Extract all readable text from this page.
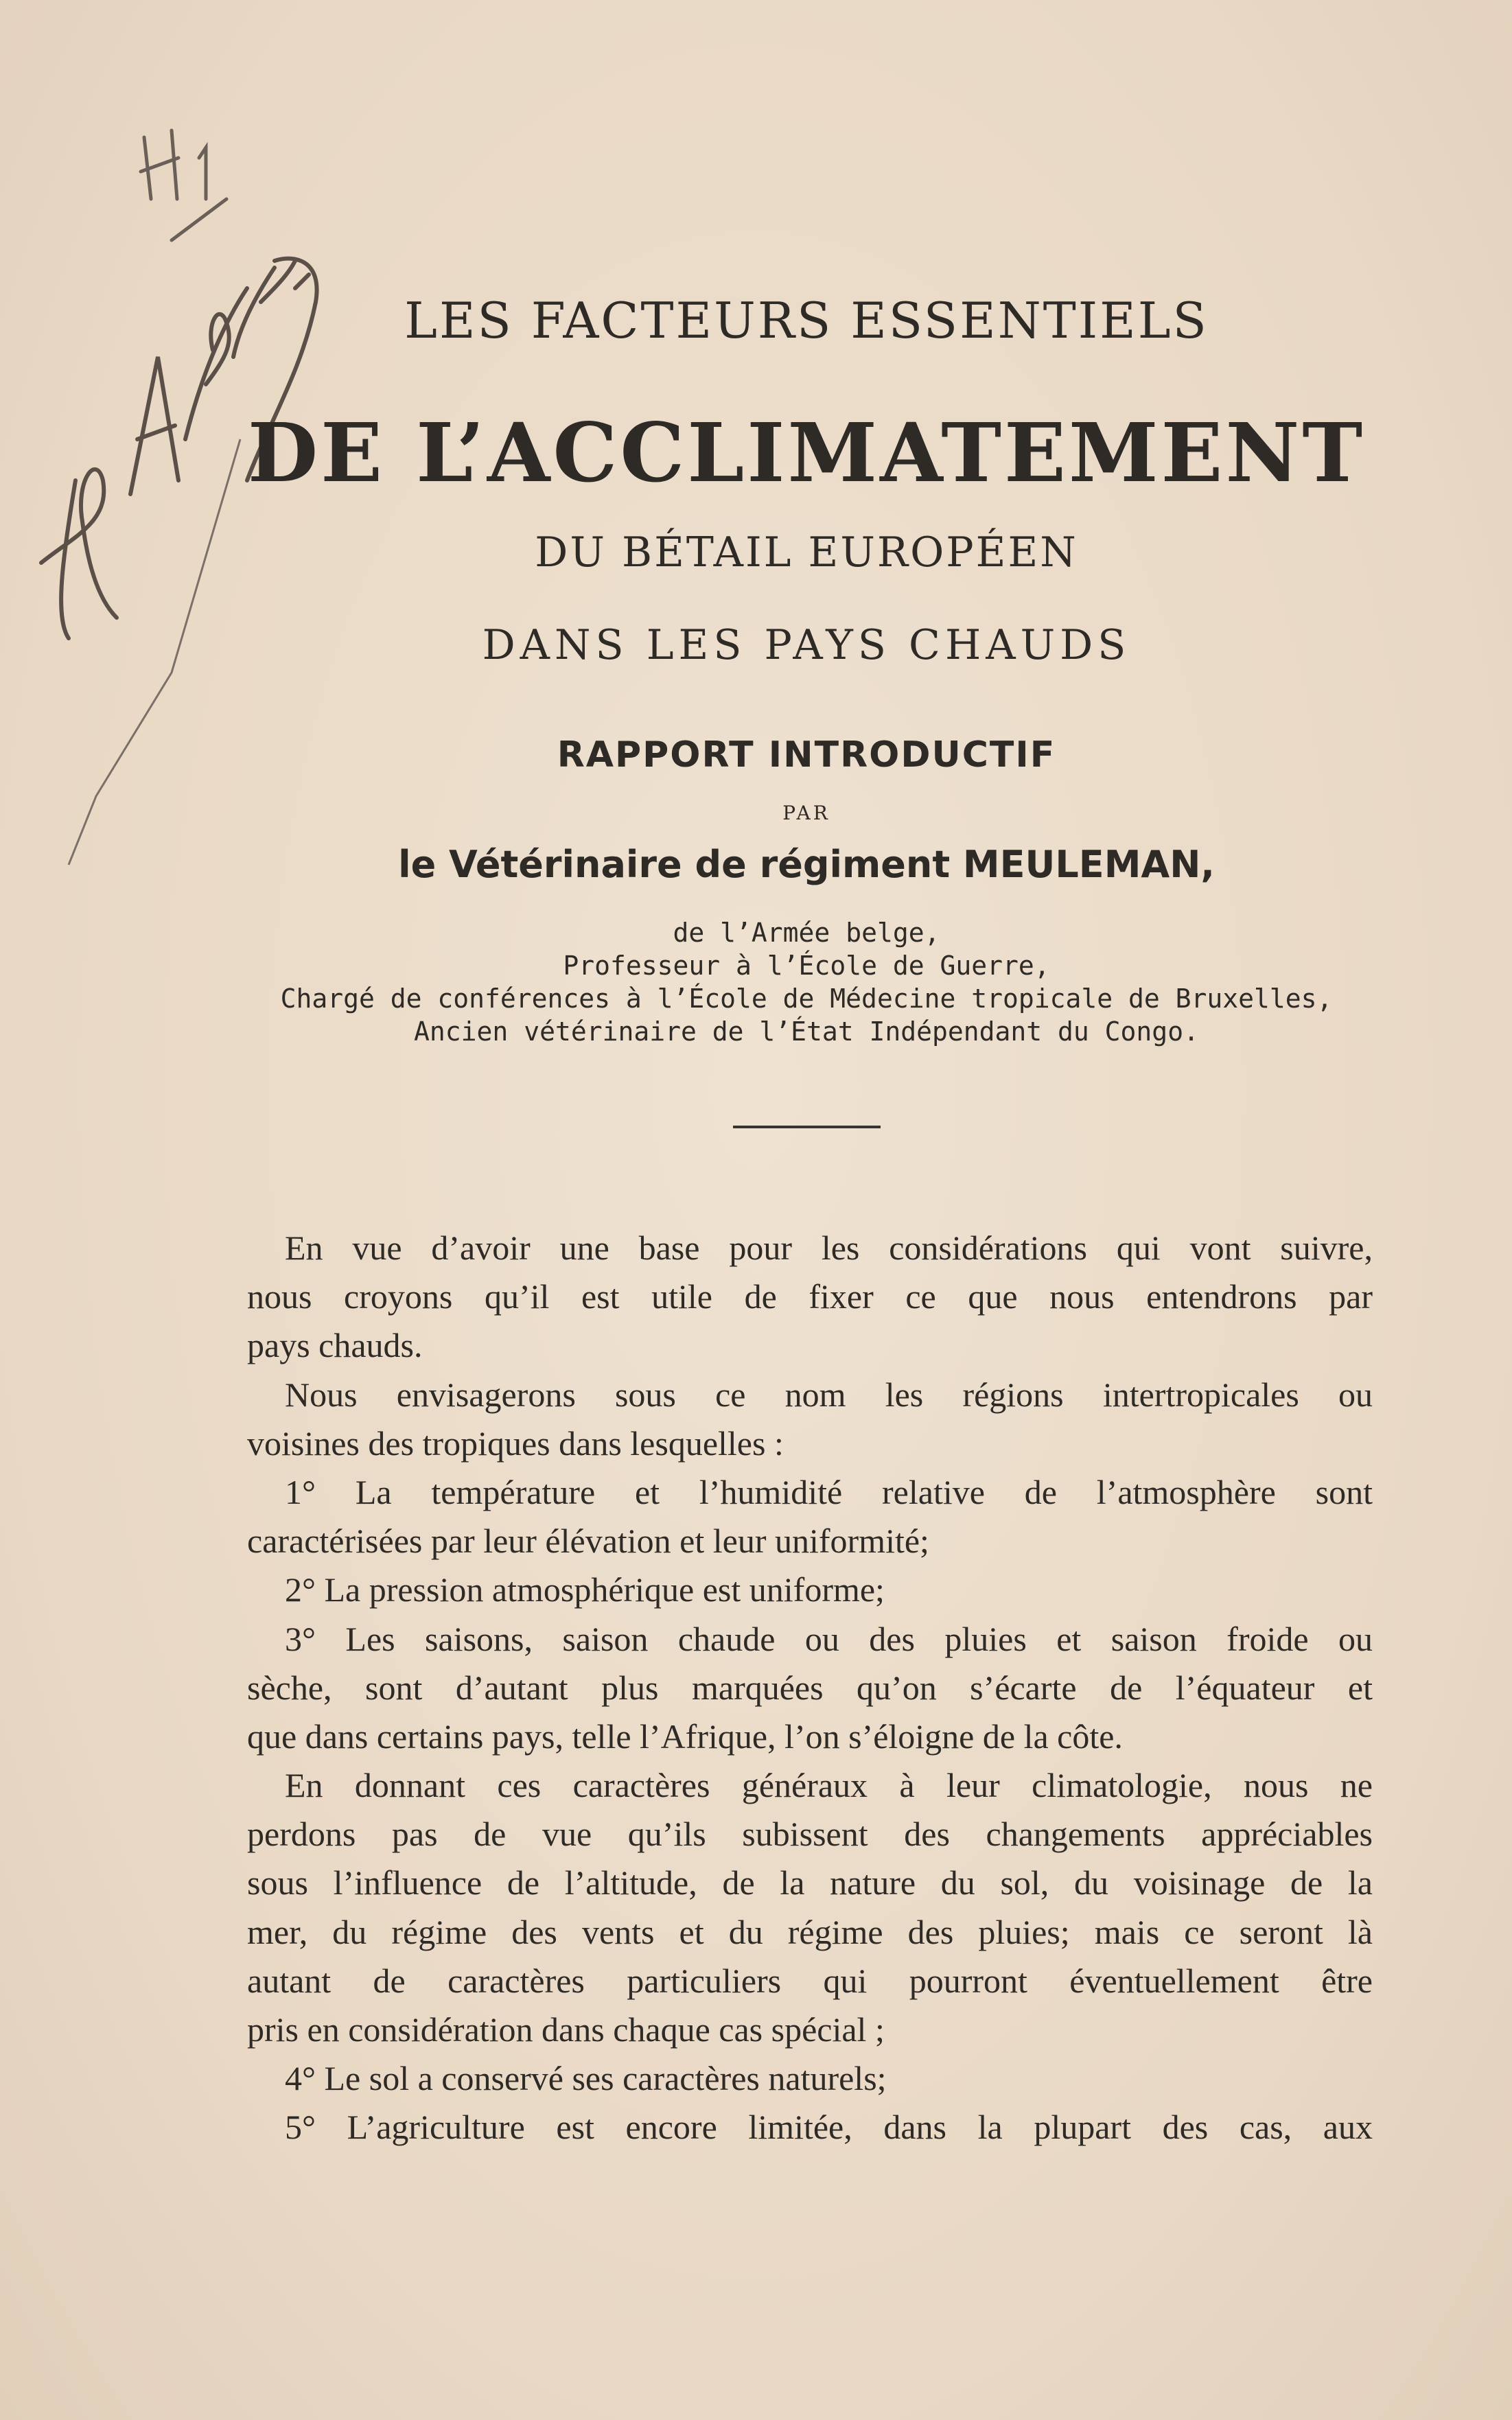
LES FACTEURS ESSENTIELS
DE L’ACCLIMATEMENT
DU BÉTAIL EUROPÉEN
DANS LES PAYS CHAUDS
RAPPORT INTRODUCTIF
PAR
le Vétérinaire de régiment MEULEMAN,
de l’Armée belge,
Professeur à l’École de Guerre,
Chargé de conférences à l’École de Médecine tropicale de Bruxelles,
Ancien vétérinaire de l’État Indépendant du Congo.
En vue d’avoir une base pour les considérations qui vont suivre,
nous croyons qu’il est utile de fixer ce que nous entendrons par
pays chauds.
Nous envisagerons sous ce nom les régions intertropicales ou
voisines des tropiques dans lesquelles :
1° La température et l’humidité relative de l’atmosphère sont
caractérisées par leur élévation et leur uniformité;
2° La pression atmosphérique est uniforme;
3° Les saisons, saison chaude ou des pluies et saison froide ou
sèche, sont d’autant plus marquées qu’on s’écarte de l’équateur et
que dans certains pays, telle l’Afrique, l’on s’éloigne de la côte.
En donnant ces caractères généraux à leur climatologie, nous ne
perdons pas de vue qu’ils subissent des changements appréciables
sous l’influence de l’altitude, de la nature du sol, du voisinage de la
mer, du régime des vents et du régime des pluies; mais ce seront là
autant de caractères particuliers qui pourront éventuellement être
pris en considération dans chaque cas spécial ;
4° Le sol a conservé ses caractères naturels;
5° L’agriculture est encore limitée, dans la plupart des cas, aux
